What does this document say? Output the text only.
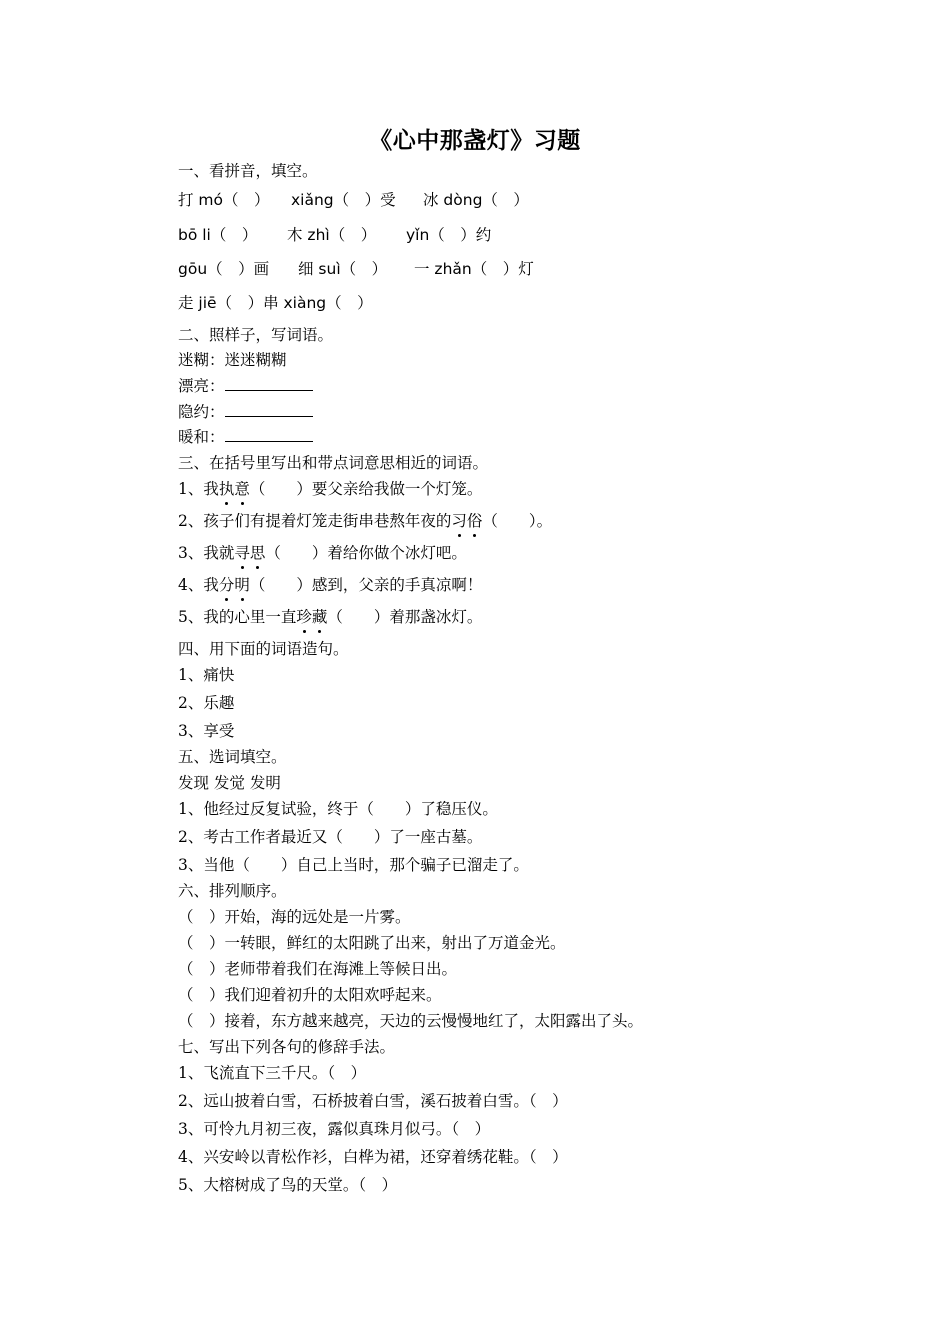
《心中那盏灯》习题
一、看拼音，填空。
打 mó（　） xiǎng（　）受 冰 dòng（　）
bō li（　） 木 zhì（　） yǐn（　）约
gōu（　）画 细 suì（　） 一 zhǎn（　）灯
走 jiē（　）串 xiàng（　）
二、照样子，写词语。
迷糊：迷迷糊糊
漂亮：
隐约：
暖和：
三、在括号里写出和带点词意思相近的词语。
1、我执意（　　）要父亲给我做一个灯笼。
2、孩子们有提着灯笼走街串巷熬年夜的习俗（　　）。
3、我就寻思（　　）着给你做个冰灯吧。
4、我分明（　　）感到，父亲的手真凉啊！
5、我的心里一直珍藏（　　）着那盏冰灯。
四、用下面的词语造句。
1、痛快
2、乐趣
3、享受
五、选词填空。
发现 发觉 发明
1、他经过反复试验，终于（　　）了稳压仪。
2、考古工作者最近又（　　）了一座古墓。
3、当他（　　）自己上当时，那个骗子已溜走了。
六、排列顺序。
（　）开始，海的远处是一片雾。
（　）一转眼，鲜红的太阳跳了出来，射出了万道金光。
（　）老师带着我们在海滩上等候日出。
（　）我们迎着初升的太阳欢呼起来。
（　）接着，东方越来越亮，天边的云慢慢地红了，太阳露出了头。
七、写出下列各句的修辞手法。
1、飞流直下三千尺。（　）
2、远山披着白雪，石桥披着白雪，溪石披着白雪。（　）
3、可怜九月初三夜，露似真珠月似弓。（　）
4、兴安岭以青松作衫，白桦为裙，还穿着绣花鞋。（　）
5、大榕树成了鸟的天堂。（　）
